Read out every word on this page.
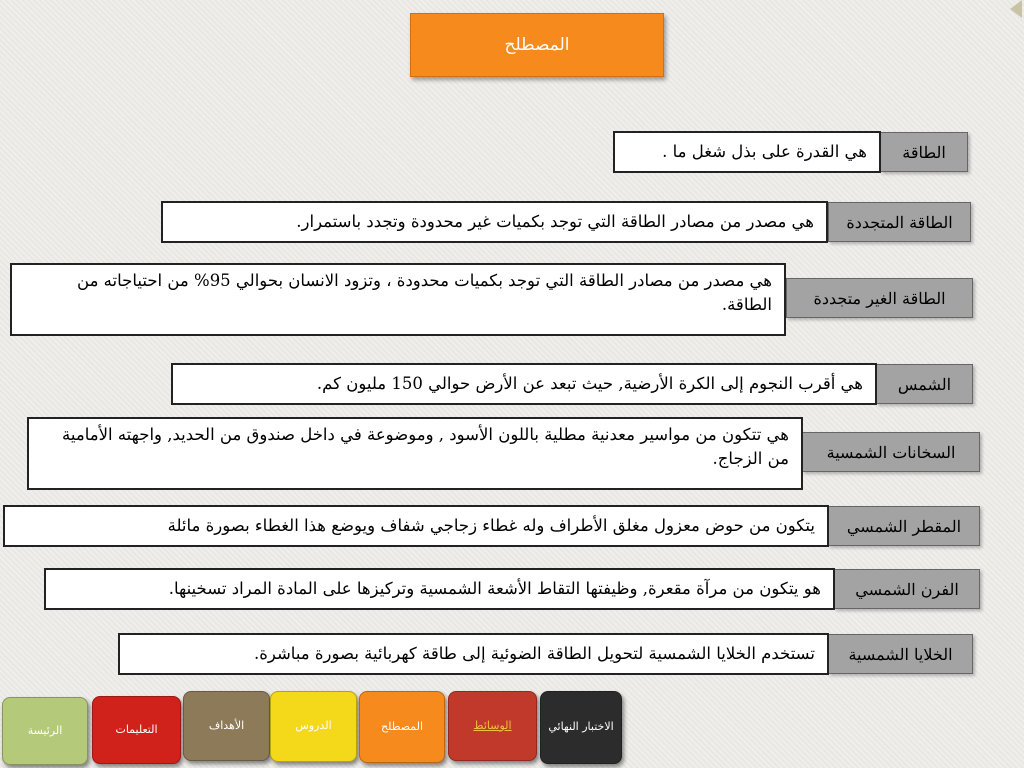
المصطلح
الطاقة
هي القدرة على بذل شغل ما .
الطاقة المتجددة
هي مصدر من مصادر الطاقة التي توجد بكميات غير محدودة وتجدد باستمرار.
الطاقة الغير متجددة
هي مصدر من مصادر الطاقة التي توجد بكميات محدودة ، وتزود الانسان بحوالي 95% من احتياجاته من الطاقة.
الشمس
هي أقرب النجوم إلى الكرة الأرضية, حيث تبعد عن الأرض حوالي 150 مليون كم.
السخانات الشمسية
هي تتكون من مواسير معدنية مطلية باللون الأسود , وموضوعة في داخل صندوق من الحديد, واجهته الأمامية من الزجاج.
المقطر الشمسي
يتكون من حوض معزول مغلق الأطراف وله غطاء زجاجي شفاف ويوضع هذا الغطاء بصورة مائلة
الفرن الشمسي
هو يتكون من مرآة مقعرة, وظيفتها التقاط الأشعة الشمسية وتركيزها على المادة المراد تسخينها.
الخلايا الشمسية
تستخدم الخلايا الشمسية لتحويل الطاقة الضوئية إلى طاقة كهربائية بصورة مباشرة.
الرئيسة	التعليمات	الأهداف	الدروس	المصطلح	الوسائط	الاختبار النهائي
